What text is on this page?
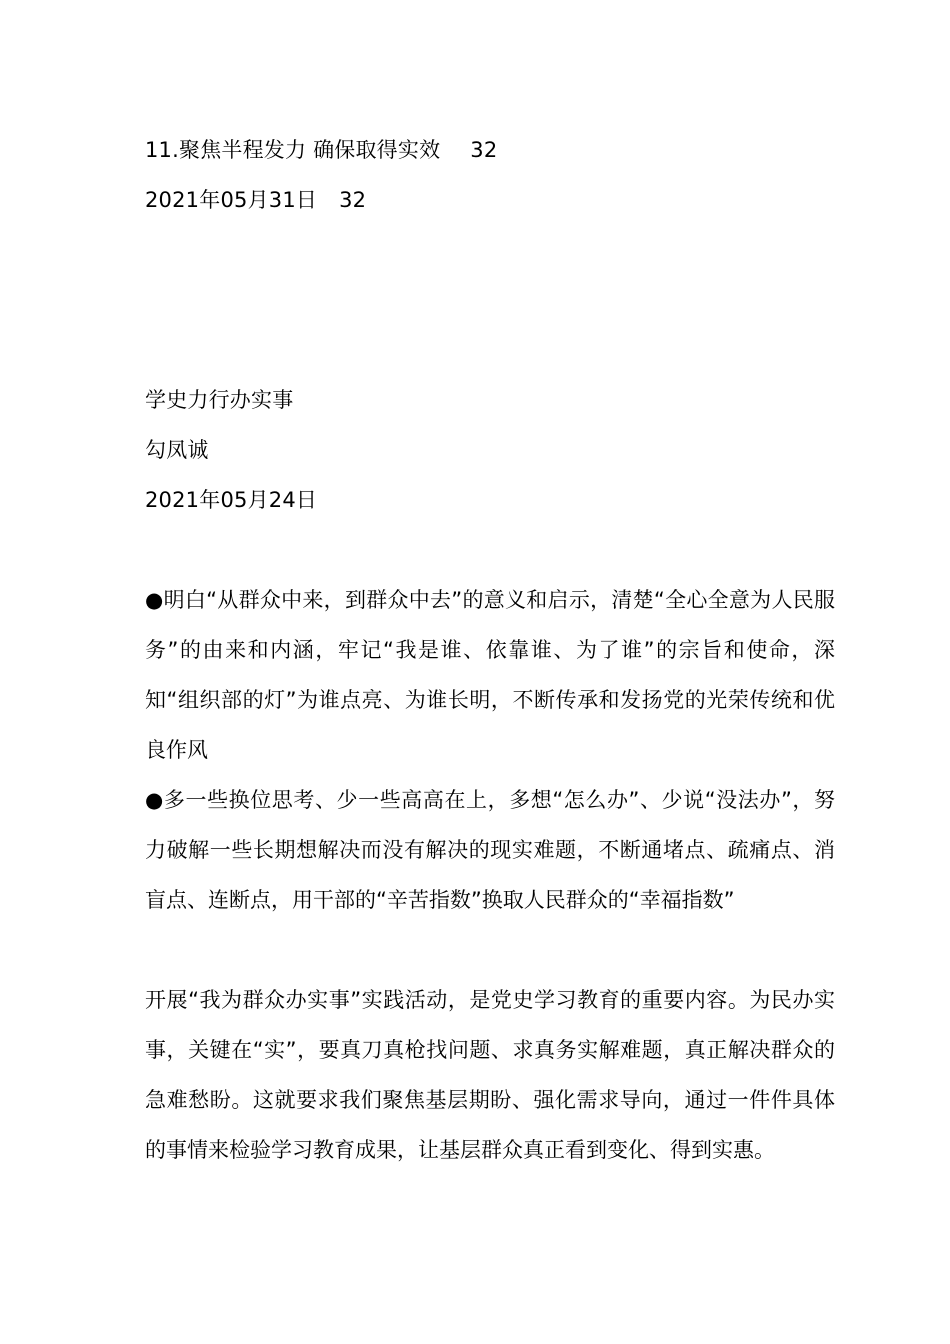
11.聚焦半程发力 确保取得实效 32
2021年05月31日 32
学史力行办实事
勾凤诚
2021年05月24日

●明白“从群众中来，到群众中去”的意义和启示，清楚“全心全意为人民服务”的由来和内涵，牢记“我是谁、依靠谁、为了谁”的宗旨和使命，深知“组织部的灯”为谁点亮、为谁长明，不断传承和发扬党的光荣传统和优良作风

●多一些换位思考、少一些高高在上，多想“怎么办”、少说“没法办”，努力破解一些长期想解决而没有解决的现实难题，不断通堵点、疏痛点、消盲点、连断点，用干部的“辛苦指数”换取人民群众的“幸福指数”

开展“我为群众办实事”实践活动，是党史学习教育的重要内容。为民办实事，关键在“实”，要真刀真枪找问题、求真务实解难题，真正解决群众的急难愁盼。这就要求我们聚焦基层期盼、强化需求导向，通过一件件具体的事情来检验学习教育成果，让基层群众真正看到变化、得到实惠。
